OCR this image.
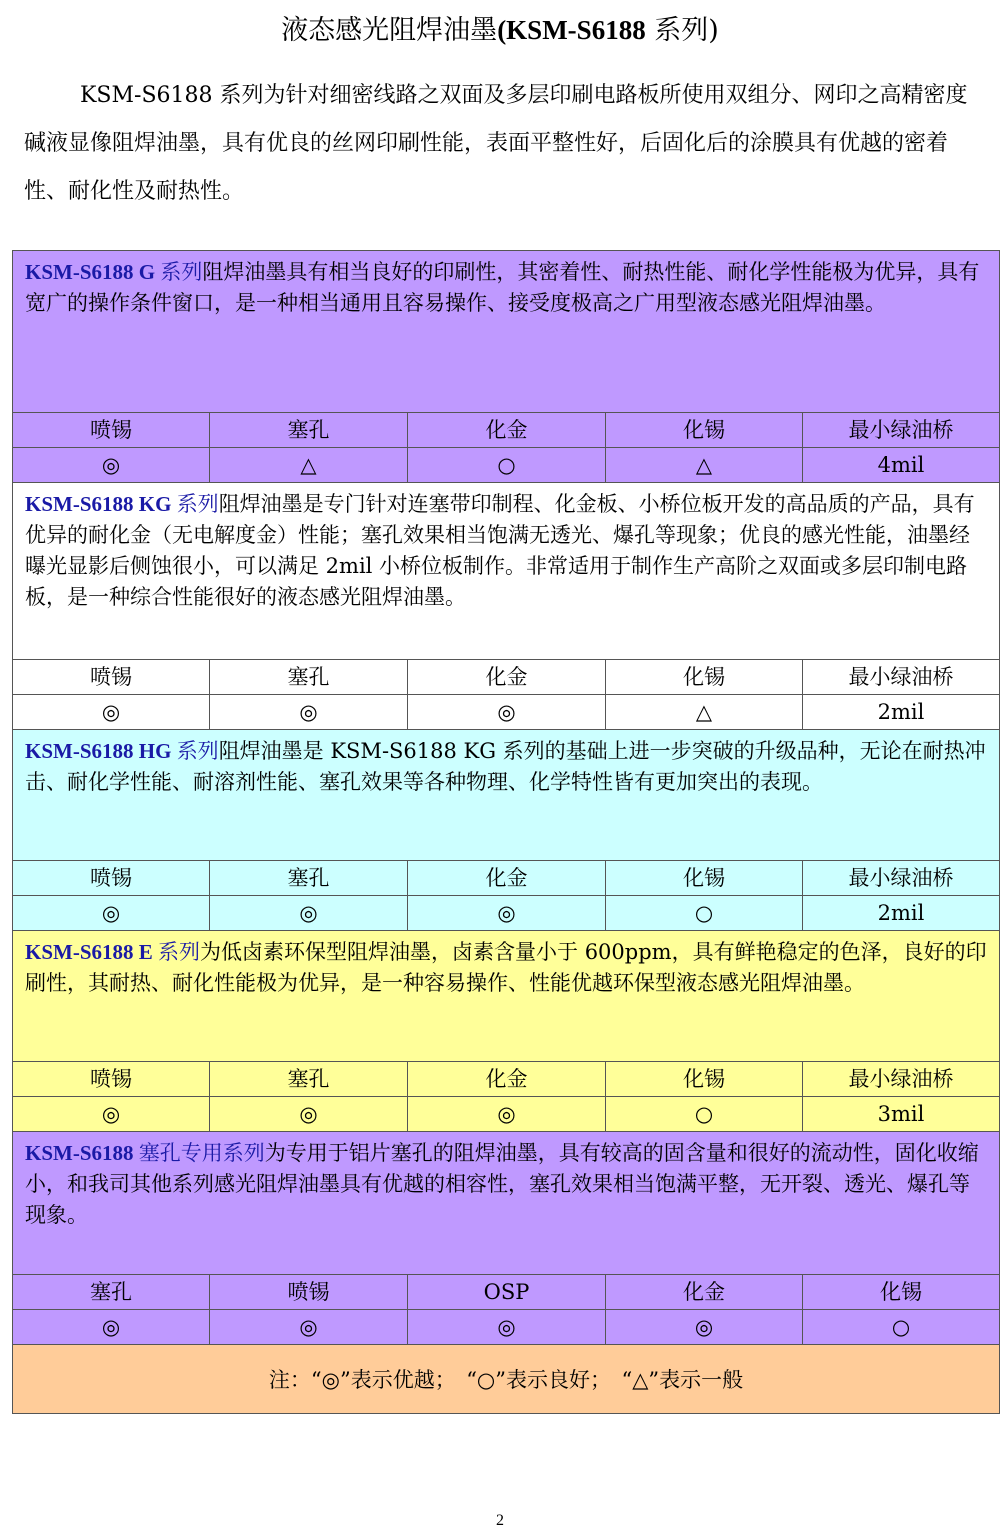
液态感光阻焊油墨(KSM-S6188 系列)

KSM-S6188 系列为针对细密线路之双面及多层印刷电路板所使用双组分、网印之高精密度碱液显像阻焊油墨，具有优良的丝网印刷性能，表面平整性好，后固化后的涂膜具有优越的密着性、耐化性及耐热性。

KSM-S6188 G 系列阻焊油墨具有相当良好的印刷性，其密着性、耐热性能、耐化学性能极为优异，具有宽广的操作条件窗口，是一种相当通用且容易操作、接受度极高之广用型液态感光阻焊油墨。				
喷锡	塞孔	化金	化锡	最小绿油桥
◎	△	○	△	4mil
KSM-S6188 KG 系列阻焊油墨是专门针对连塞带印制程、化金板、小桥位板开发的高品质的产品，具有优异的耐化金（无电解度金）性能；塞孔效果相当饱满无透光、爆孔等现象；优良的感光性能，油墨经曝光显影后侧蚀很小，可以满足 2mil 小桥位板制作。非常适用于制作生产高阶之双面或多层印制电路板，是一种综合性能很好的液态感光阻焊油墨。				
喷锡	塞孔	化金	化锡	最小绿油桥
◎	◎	◎	△	2mil
KSM-S6188 HG 系列阻焊油墨是 KSM-S6188 KG 系列的基础上进一步突破的升级品种，无论在耐热冲击、耐化学性能、耐溶剂性能、塞孔效果等各种物理、化学特性皆有更加突出的表现。				
喷锡	塞孔	化金	化锡	最小绿油桥
◎	◎	◎	○	2mil
KSM-S6188 E 系列为低卤素环保型阻焊油墨，卤素含量小于 600ppm，具有鲜艳稳定的色泽，良好的印刷性，其耐热、耐化性能极为优异，是一种容易操作、性能优越环保型液态感光阻焊油墨。				
喷锡	塞孔	化金	化锡	最小绿油桥
◎	◎	◎	○	3mil
KSM-S6188 塞孔专用系列为专用于铝片塞孔的阻焊油墨，具有较高的固含量和很好的流动性，固化收缩小，和我司其他系列感光阻焊油墨具有优越的相容性，塞孔效果相当饱满平整，无开裂、透光、爆孔等现象。				
塞孔	喷锡	OSP	化金	化锡
◎	◎	◎	◎	○
注：“◎”表示优越；　“○”表示良好；　“△”表示一般				
2
